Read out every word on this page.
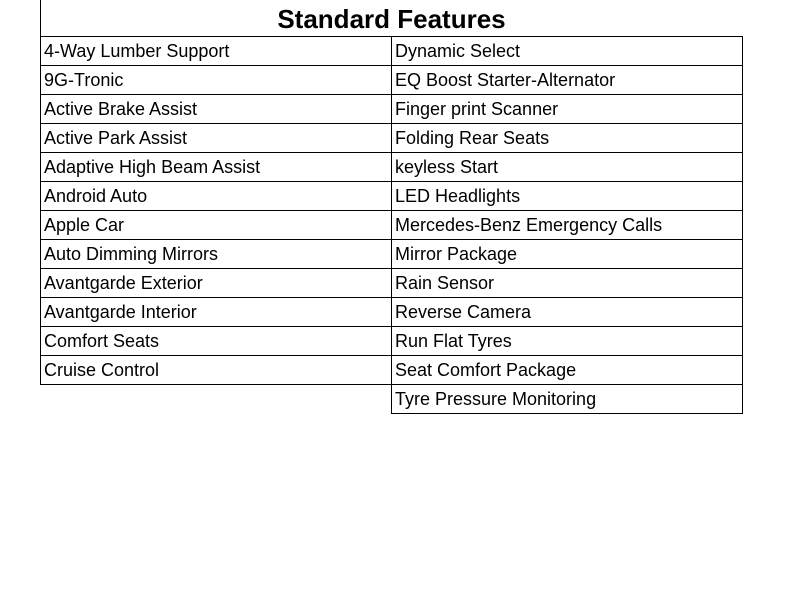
Standard Features
4-Way Lumber Support	Dynamic Select
9G-Tronic	EQ Boost Starter-Alternator
Active Brake Assist	Finger print Scanner
Active Park Assist	Folding Rear Seats
Adaptive High Beam Assist	keyless Start
Android Auto	LED Headlights
Apple Car	Mercedes-Benz Emergency Calls
Auto Dimming Mirrors	Mirror Package
Avantgarde Exterior	Rain Sensor
Avantgarde Interior	Reverse Camera
Comfort Seats	Run Flat Tyres
Cruise Control	Seat Comfort Package
	Tyre Pressure Monitoring
